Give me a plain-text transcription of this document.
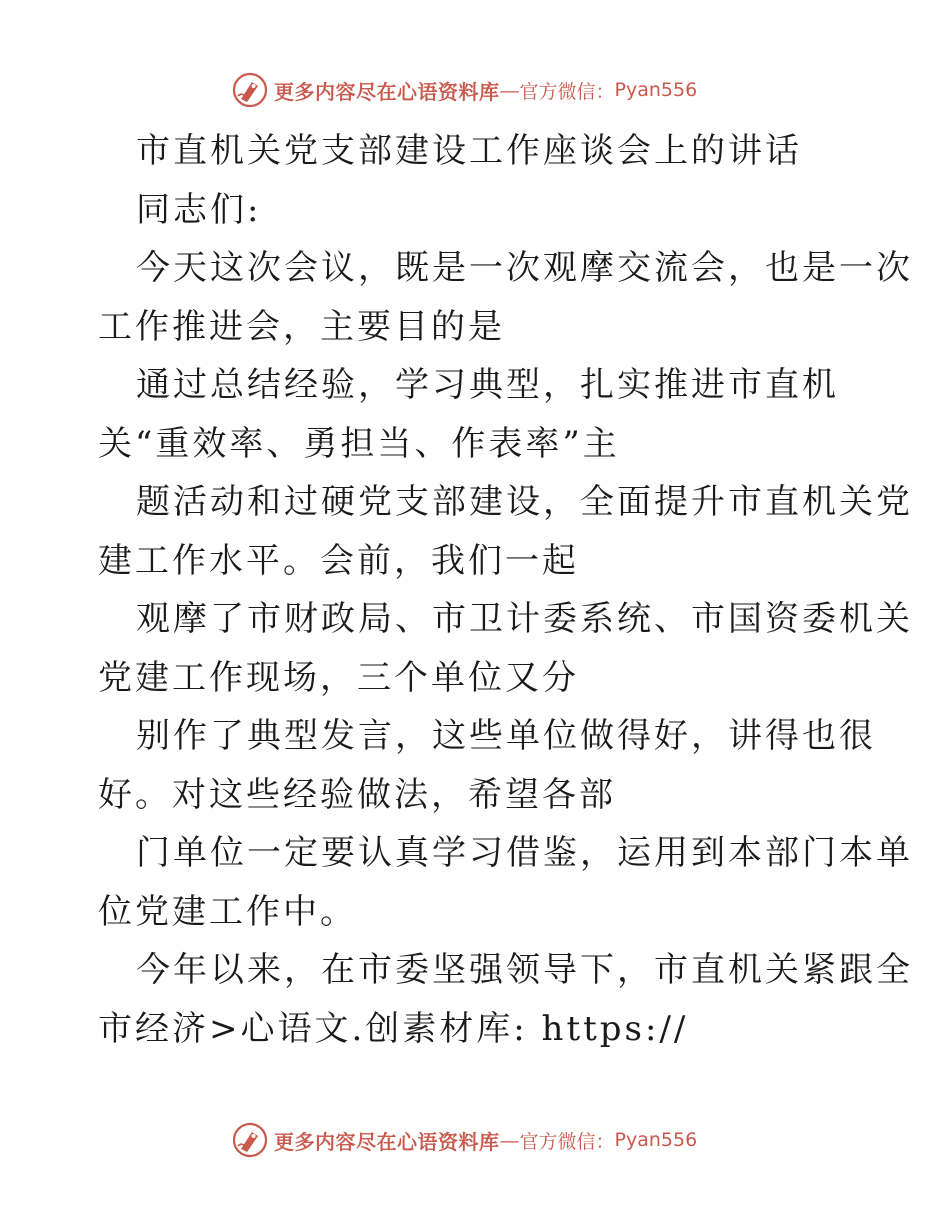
更多内容尽在心语资料库 — 官方微信： Pyan556
市直机关党支部建设工作座谈会上的讲话
同志们:
今天这次会议，既是一次观摩交流会，也是一次
工作推进会，主要目的是
通过总结经验，学习典型，扎实推进市直机
关“重效率、勇担当、作表率”主
题活动和过硬党支部建设，全面提升市直机关党
建工作水平。会前，我们一起
观摩了市财政局、市卫计委系统、市国资委机关
党建工作现场，三个单位又分
别作了典型发言，这些单位做得好，讲得也很
好。对这些经验做法，希望各部
门单位一定要认真学习借鉴，运用到本部门本单
位党建工作中。
今年以来，在市委坚强领导下，市直机关紧跟全
市经济>心语文.创素材库: https://
更多内容尽在心语资料库 — 官方微信： Pyan556
